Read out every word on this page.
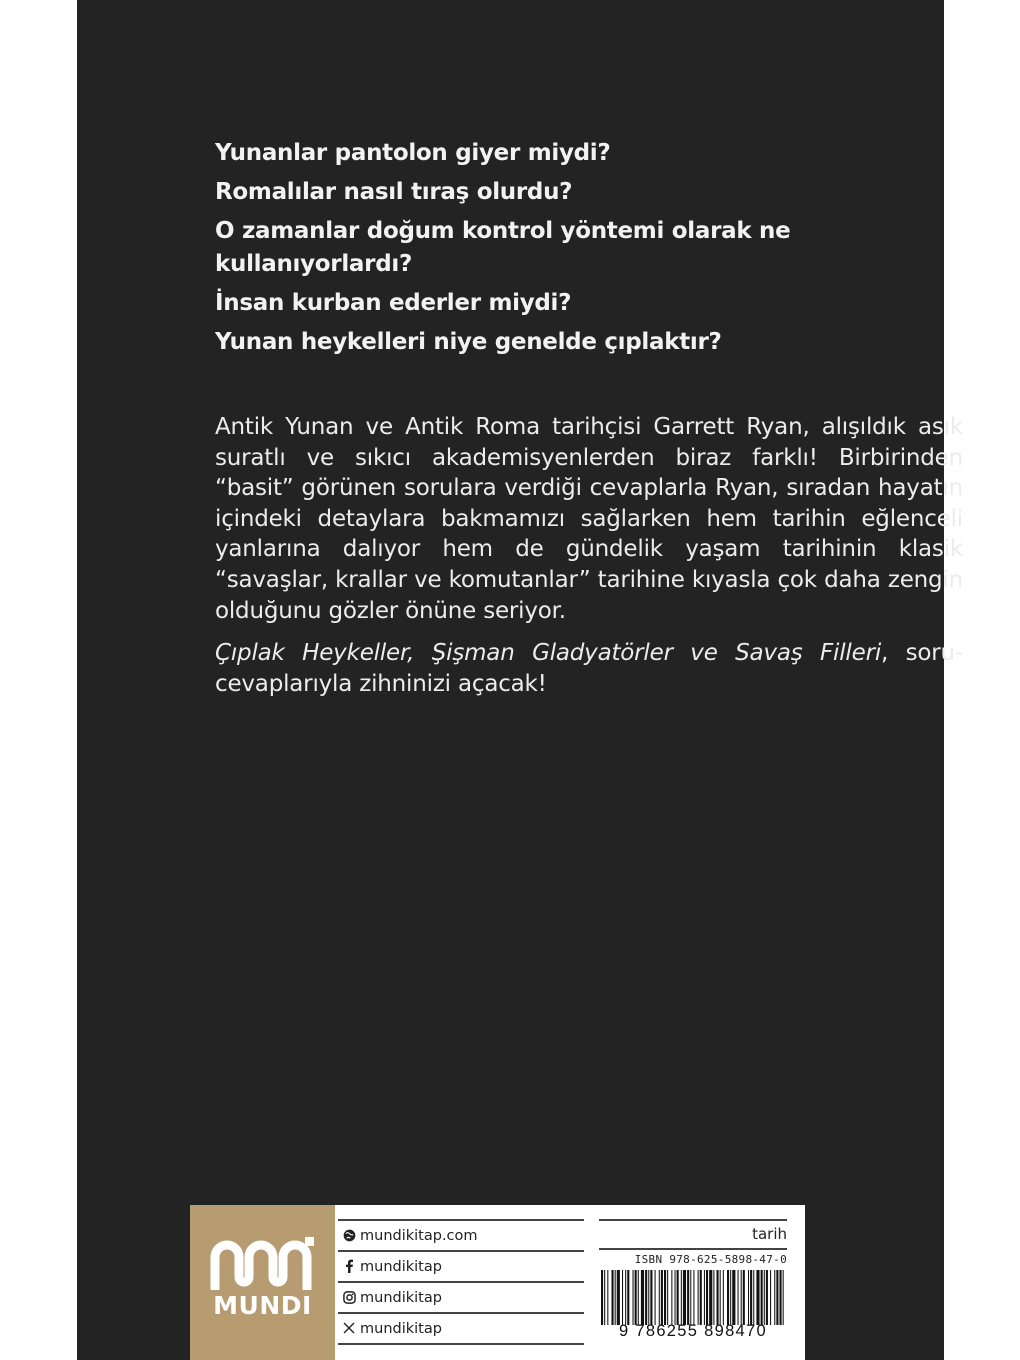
Yunanlar pantolon giyer miydi?

Romalılar nasıl tıraş olurdu?

O zamanlar doğum kontrol yöntemi olarak ne kullanıyorlardı?

İnsan kurban ederler miydi?

Yunan heykelleri niye genelde çıplaktır?

Antik Yunan ve Antik Roma tarihçisi Garrett Ryan, alışıldık asık suratlı ve sıkıcı akademisyenlerden biraz farklı! Birbirinden “basit” görünen sorulara verdiği cevaplarla Ryan, sıradan hayatın içindeki detaylara bakmamızı sağlarken hem tarihin eğlenceli yanlarına dalıyor hem de gündelik yaşam tarihinin klasik “savaşlar, krallar ve komutanlar” tarihine kıyasla çok daha zengin olduğunu gözler önüne seriyor.

Çıplak Heykeller, Şişman Gladyatörler ve Savaş Filleri, soru-cevaplarıyla zihninizi açacak!

MUNDI
mundikitap.com
mundikitap
mundikitap
mundikitap
tarih
ISBN 978-625-5898-47-0
9 786255 898470
